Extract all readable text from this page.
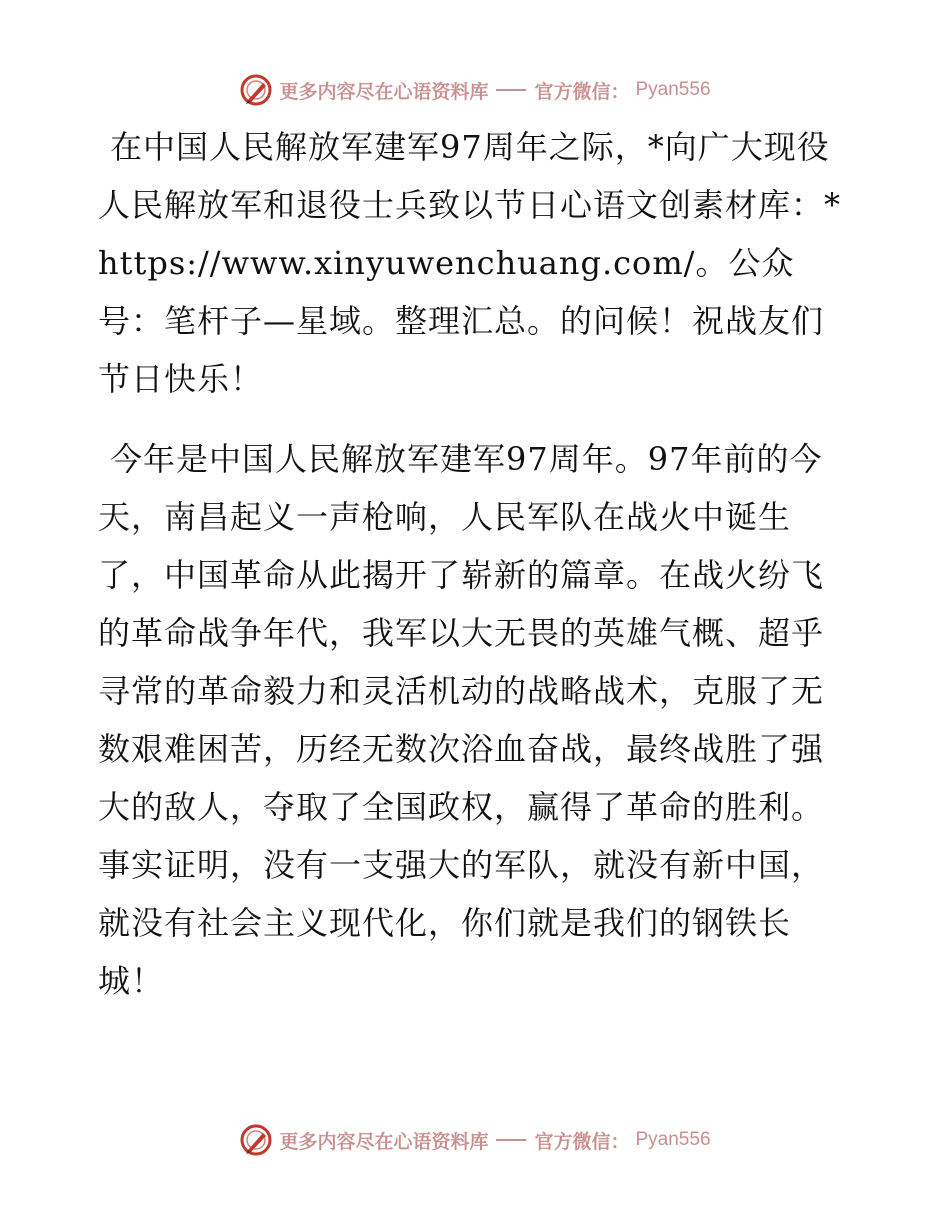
更多内容尽在心语资料库 官方微信： Pyan556

在中国人民解放军建军97周年之际，*向广大现役人民解放军和退役士兵致以节日心语文创素材库：*https://www.xinyuwenchuang.com/。公众号：笔杆子—星域。整理汇总。的问候！祝战友们节日快乐！

今年是中国人民解放军建军97周年。97年前的今天，南昌起义一声枪响，人民军队在战火中诞生了，中国革命从此揭开了崭新的篇章。在战火纷飞的革命战争年代，我军以大无畏的英雄气概、超乎寻常的革命毅力和灵活机动的战略战术，克服了无数艰难困苦，历经无数次浴血奋战，最终战胜了强大的敌人，夺取了全国政权，赢得了革命的胜利。事实证明，没有一支强大的军队，就没有新中国，就没有社会主义现代化，你们就是我们的钢铁长城！

更多内容尽在心语资料库 官方微信： Pyan556
